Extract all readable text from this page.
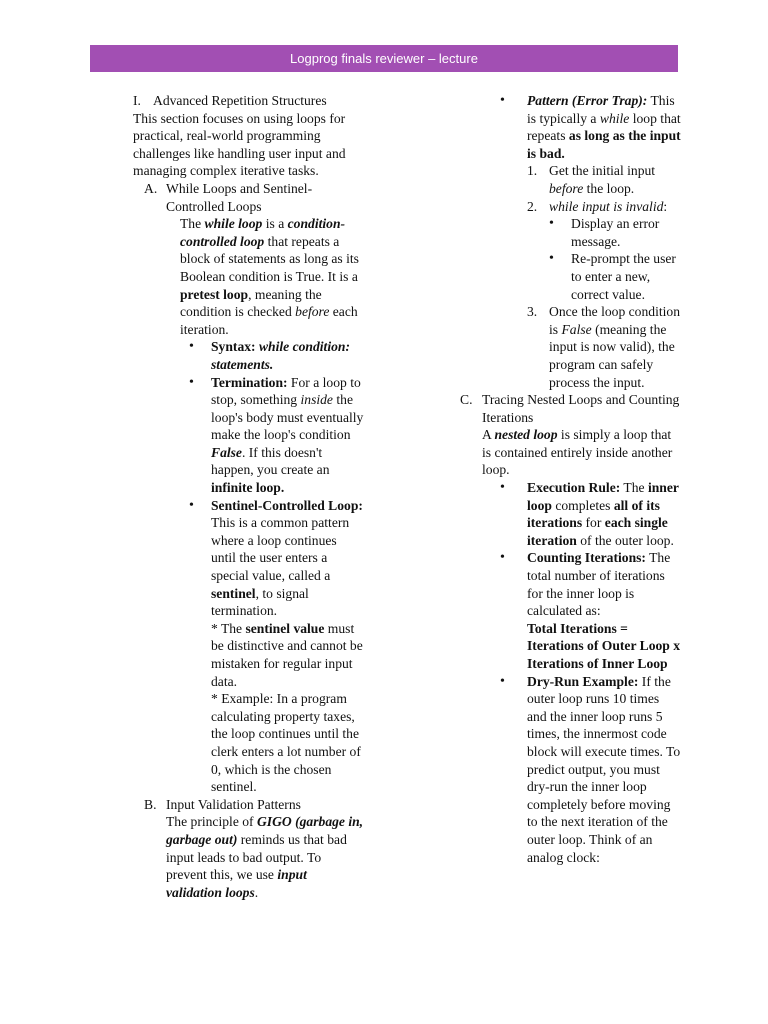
Logprog finals reviewer – lecture
I. Advanced Repetition Structures

This section focuses on using loops for practical, real-world programming challenges like handling user input and managing complex iterative tasks.

A. While Loops and Sentinel-Controlled Loops

The while loop is a condition-controlled loop that repeats a block of statements as long as its Boolean condition is True. It is a pretest loop, meaning the condition is checked before each iteration.

•	Syntax: while condition: statements.
•	Termination: For a loop to stop, something inside the loop's body must eventually make the loop's condition False. If this doesn't happen, you create an infinite loop.
•	Sentinel-Controlled Loop: This is a common pattern where a loop continues until the user enters a special value, called a sentinel, to signal termination.
* The sentinel value must be distinctive and cannot be mistaken for regular input data.
* Example: In a program calculating property taxes, the loop continues until the clerk enters a lot number of 0, which is the chosen sentinel.
B. Input Validation Patterns

The principle of GIGO (garbage in, garbage out) reminds us that bad input leads to bad output. To prevent this, we use input validation loops.

•	Pattern (Error Trap): This is typically a while loop that repeats as long as the input is bad.
1. Get the initial input before the loop.
2. while input is invalid:
•	Display an error message.
•	Re-prompt the user to enter a new, correct value.
3. Once the loop condition is False (meaning the input is now valid), the program can safely process the input.
C. Tracing Nested Loops and Counting Iterations

A nested loop is simply a loop that is contained entirely inside another loop.

•	Execution Rule: The inner loop completes all of its iterations for each single iteration of the outer loop.
•	Counting Iterations: The total number of iterations for the inner loop is calculated as:
Total Iterations = Iterations of Outer Loop x Iterations of Inner Loop
•	Dry-Run Example: If the outer loop runs 10 times and the inner loop runs 5 times, the innermost code block will execute times. To predict output, you must dry-run the inner loop completely before moving to the next iteration of the outer loop. Think of an analog clock:
